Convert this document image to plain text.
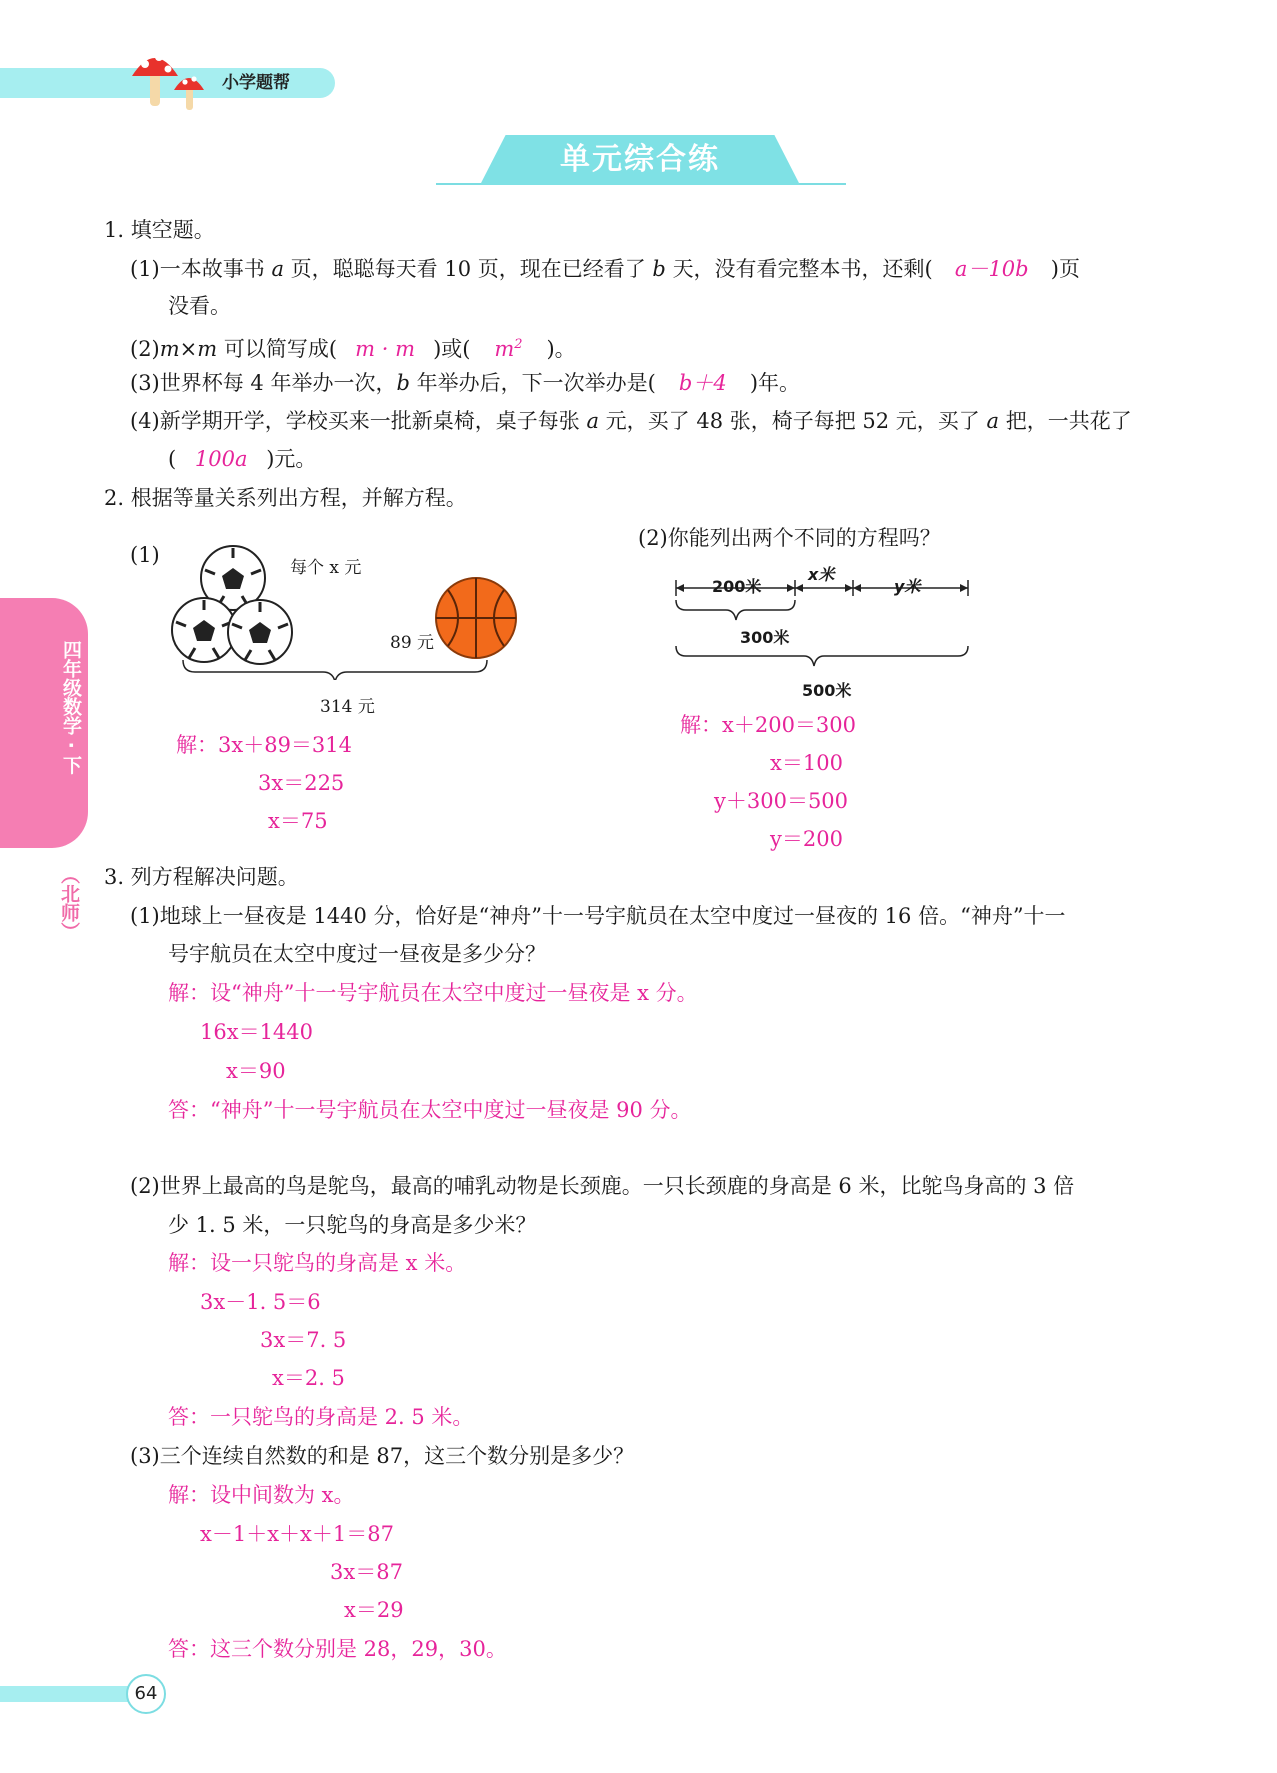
小学题帮
单元综合练
四年级数学 · 下
（北师）
1. 填空题。
(1)一本故事书 a 页，聪聪每天看 10 页，现在已经看了 b 天，没有看完整本书，还剩( a－10b )页
没看。
(2)m×m 可以简写成( m · m )或( $m^2$ )。
(3)世界杯每 4 年举办一次，b 年举办后，下一次举办是( b＋4 )年。
(4)新学期开学，学校买来一批新桌椅，桌子每张 a 元，买了 48 张，椅子每把 52 元，买了 a 把，一共花了
( 100a )元。
2. 根据等量关系列出方程，并解方程。
(1)
每个 x 元
89 元
314 元
解：3x＋89＝314
3x＝225
x＝75
(2)你能列出两个不同的方程吗？
200米
x米
y米
300米
500米
解：x＋200＝300
x＝100
y＋300＝500
y＝200
3. 列方程解决问题。
(1)地球上一昼夜是 1440 分，恰好是“神舟”十一号宇航员在太空中度过一昼夜的 16 倍。“神舟”十一
号宇航员在太空中度过一昼夜是多少分？
解：设“神舟”十一号宇航员在太空中度过一昼夜是 x 分。
16x＝1440
x＝90
答：“神舟”十一号宇航员在太空中度过一昼夜是 90 分。
(2)世界上最高的鸟是鸵鸟，最高的哺乳动物是长颈鹿。一只长颈鹿的身高是 6 米，比鸵鸟身高的 3 倍
少 1. 5 米，一只鸵鸟的身高是多少米？
解：设一只鸵鸟的身高是 x 米。
3x－1. 5＝6
3x＝7. 5
x＝2. 5
答：一只鸵鸟的身高是 2. 5 米。
(3)三个连续自然数的和是 87，这三个数分别是多少？
解：设中间数为 x。
x－1＋x＋x＋1＝87
3x＝87
x＝29
答：这三个数分别是 28，29，30。
64
